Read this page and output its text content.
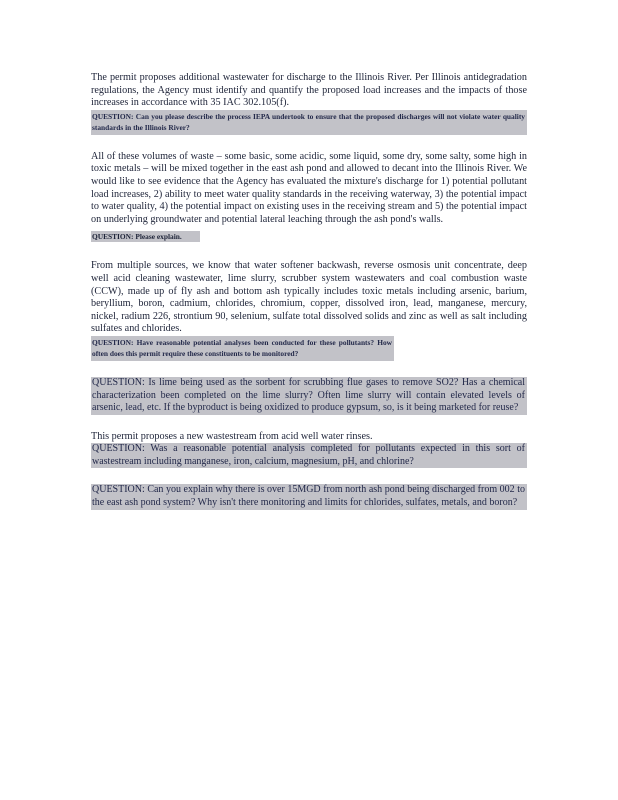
The permit proposes additional wastewater for discharge to the Illinois River. Per Illinois antidegradation regulations, the Agency must identify and quantify the proposed load increases and the impacts of those increases in accordance with 35 IAC 302.105(f).

QUESTION: Can you please describe the process IEPA undertook to ensure that the proposed discharges will not violate water quality standards in the Illinois River?

All of these volumes of waste – some basic, some acidic, some liquid, some dry, some salty, some high in toxic metals – will be mixed together in the east ash pond and allowed to decant into the Illinois River. We would like to see evidence that the Agency has evaluated the mixture's discharge for 1) potential pollutant load increases, 2) ability to meet water quality standards in the receiving waterway, 3) the potential impact to water quality, 4) the potential impact on existing uses in the receiving stream and 5) the potential impact on underlying groundwater and potential lateral leaching through the ash pond's walls.

QUESTION: Please explain.

From multiple sources, we know that water softener backwash, reverse osmosis unit concentrate, deep well acid cleaning wastewater, lime slurry, scrubber system wastewaters and coal combustion waste (CCW), made up of fly ash and bottom ash typically includes toxic metals including arsenic, barium, beryllium, boron, cadmium, chlorides, chromium, copper, dissolved iron, lead, manganese, mercury, nickel, radium 226, strontium 90, selenium, sulfate total dissolved solids and zinc as well as salt including sulfates and chlorides.

QUESTION: Have reasonable potential analyses been conducted for these pollutants? How often does this permit require these constituents to be monitored?

QUESTION: Is lime being used as the sorbent for scrubbing flue gases to remove SO2? Has a chemical characterization been completed on the lime slurry? Often lime slurry will contain elevated levels of arsenic, lead, etc. If the byproduct is being oxidized to produce gypsum, so, is it being marketed for reuse?

This permit proposes a new wastestream from acid well water rinses.

QUESTION: Was a reasonable potential analysis completed for pollutants expected in this sort of wastestream including manganese, iron, calcium, magnesium, pH, and chlorine?

QUESTION: Can you explain why there is over 15MGD from north ash pond being discharged from 002 to the east ash pond system? Why isn't there monitoring and limits for chlorides, sulfates, metals, and boron?
